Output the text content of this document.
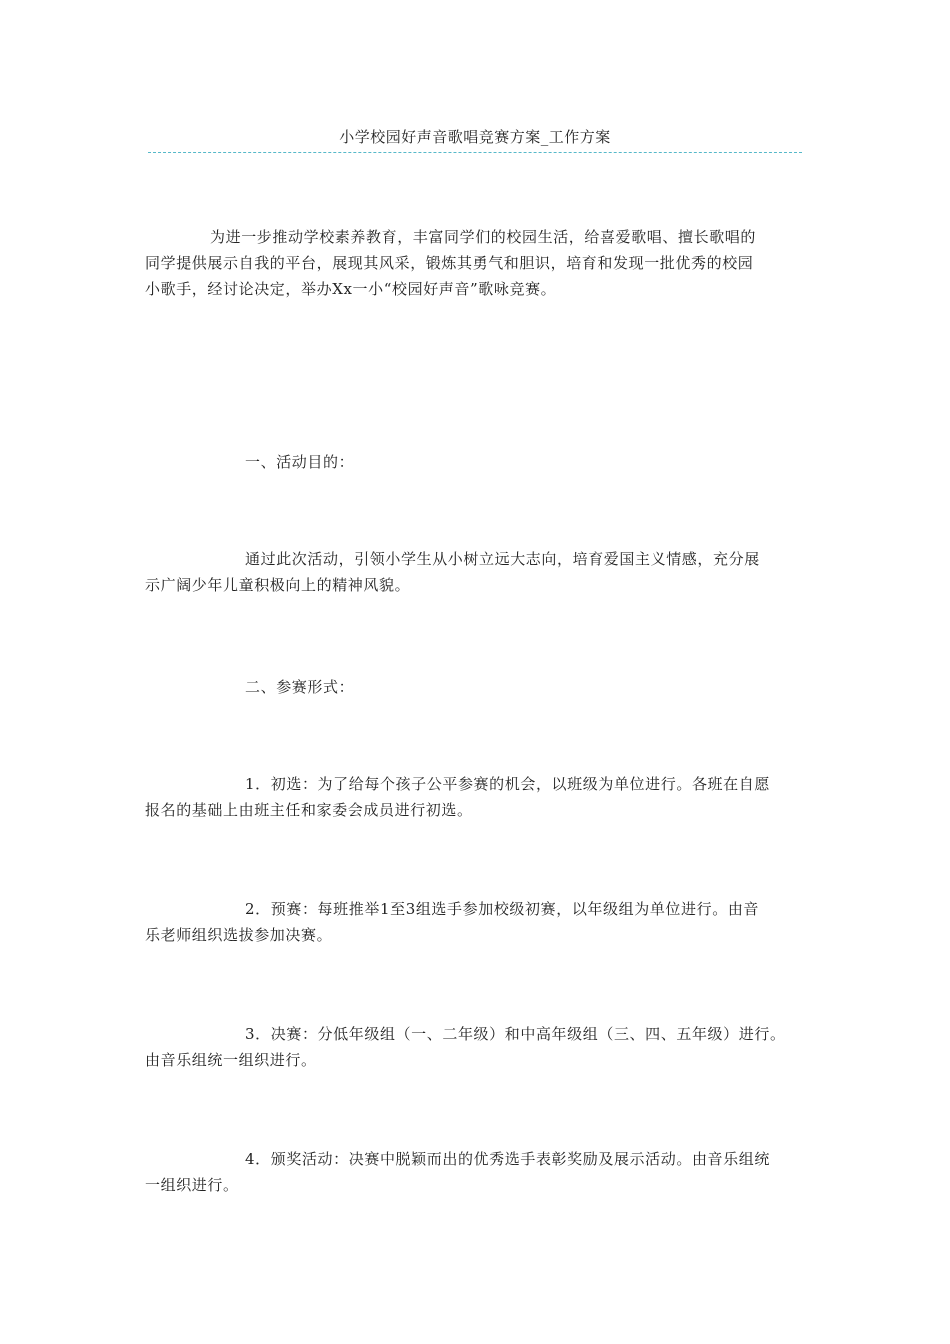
小学校园好声音歌唱竞赛方案_工作方案
为进一步推动学校素养教育，丰富同学们的校园生活，给喜爱歌唱、擅长歌唱的
同学提供展示自我的平台，展现其风采，锻炼其勇气和胆识，培育和发现一批优秀的校园
小歌手，经讨论决定，举办Xx一小“校园好声音”歌咏竞赛。
一、活动目的：
通过此次活动，引领小学生从小树立远大志向，培育爱国主义情感，充分展
示广阔少年儿童积极向上的精神风貌。
二、参赛形式：
1．初选：为了给每个孩子公平参赛的机会，以班级为单位进行。各班在自愿
报名的基础上由班主任和家委会成员进行初选。
2．预赛：每班推举1至3组选手参加校级初赛，以年级组为单位进行。由音
乐老师组织选拔参加决赛。
3．决赛：分低年级组（一、二年级）和中高年级组（三、四、五年级）进行。
由音乐组统一组织进行。
4．颁奖活动：决赛中脱颖而出的优秀选手表彰奖励及展示活动。由音乐组统
一组织进行。
